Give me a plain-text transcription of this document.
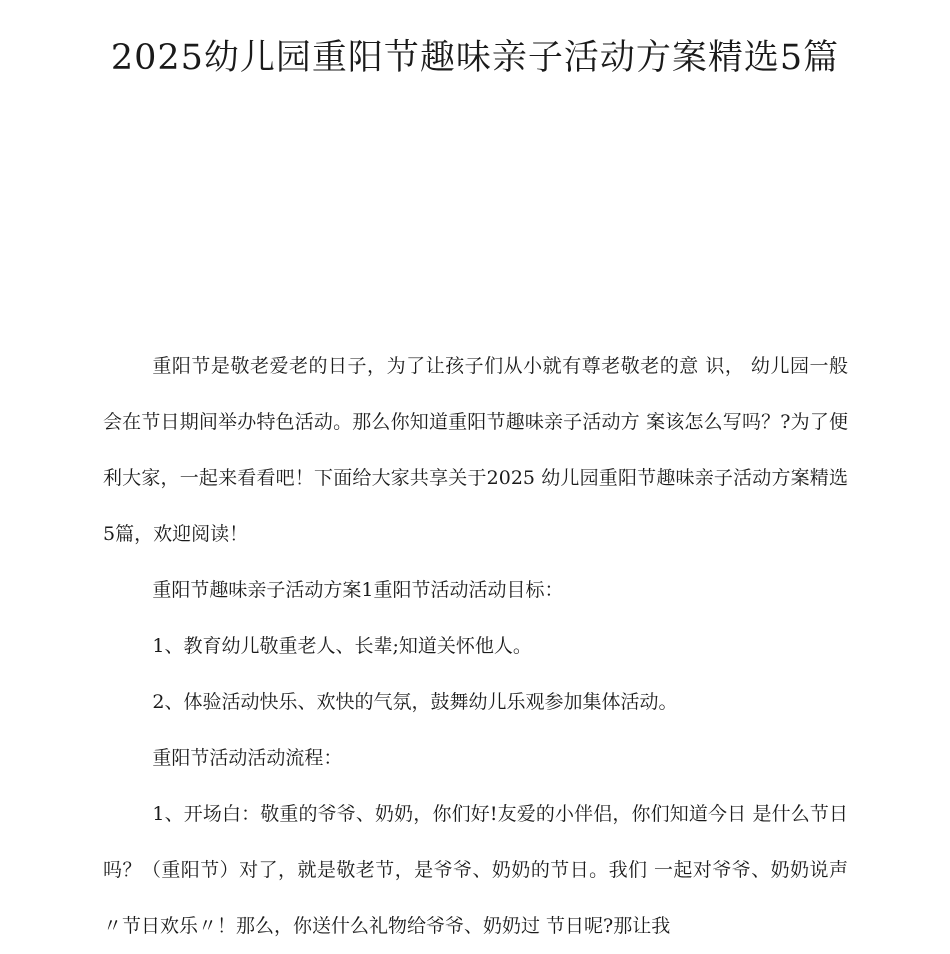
2025幼儿园重阳节趣味亲子活动方案精选5篇

重阳节是敬老爱老的日子，为了让孩子们从小就有尊老敬老的意 识， 幼儿园一般会在节日期间举办特色活动。那么你知道重阳节趣味亲子活动方 案该怎么写吗？?为了便利大家，一起来看看吧！下面给大家共享关于2025 幼儿园重阳节趣味亲子活动方案精选5篇，欢迎阅读！

重阳节趣味亲子活动方案1重阳节活动活动目标：

1、教育幼儿敬重老人、长辈;知道关怀他人。

2、体验活动快乐、欢快的气氛，鼓舞幼儿乐观参加集体活动。

重阳节活动活动流程：

1、开场白：敬重的爷爷、奶奶，你们好!友爱的小伴侣，你们知道今日 是什么节日吗？（重阳节）对了，就是敬老节，是爷爷、奶奶的节日。我们 一起对爷爷、奶奶说声〃节日欢乐〃！那么，你送什么礼物给爷爷、奶奶过 节日呢?那让我
